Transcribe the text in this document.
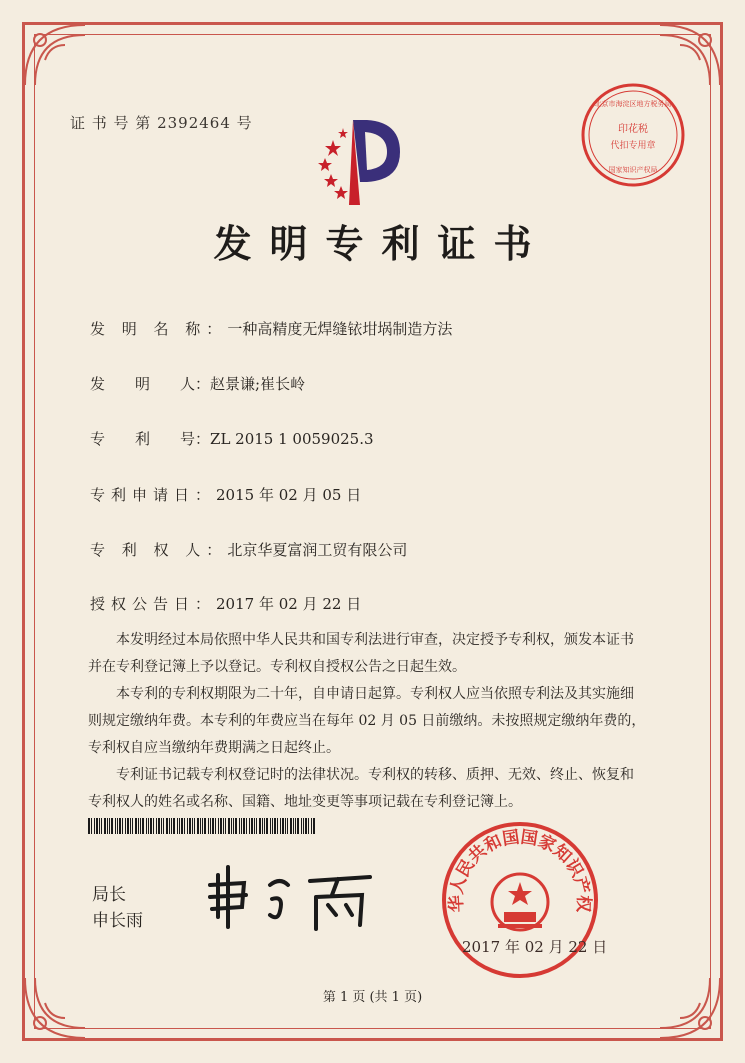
证 书 号 第 2392464 号	印花税
代扣专用章
北京市海淀区地方税务局
国家知识产权局
发明专利证书
发 明 名 称：一种高精度无焊缝铱坩埚制造方法
发　　明　　人：赵景谦;崔长岭
专　　利　　号：ZL 2015 1 0059025.3
专利申请日：2015 年 02 月 05 日
专 利 权 人：北京华夏富润工贸有限公司
授权公告日：2017 年 02 月 22 日

本发明经过本局依照中华人民共和国专利法进行审查，决定授予专利权，颁发本证书

并在专利登记簿上予以登记。专利权自授权公告之日起生效。

本专利的专利权期限为二十年，自申请日起算。专利权人应当依照专利法及其实施细

则规定缴纳年费。本专利的年费应当在每年 02 月 05 日前缴纳。未按照规定缴纳年费的，

专利权自应当缴纳年费期满之日起终止。

专利证书记载专利权登记时的法律状况。专利权的转移、质押、无效、终止、恢复和

专利权人的姓名或名称、国籍、地址变更等事项记载在专利登记簿上。

局长
申长雨
华人民共和国国家知识产权
2017 年 02 月 22 日
第 1 页 (共 1 页)
